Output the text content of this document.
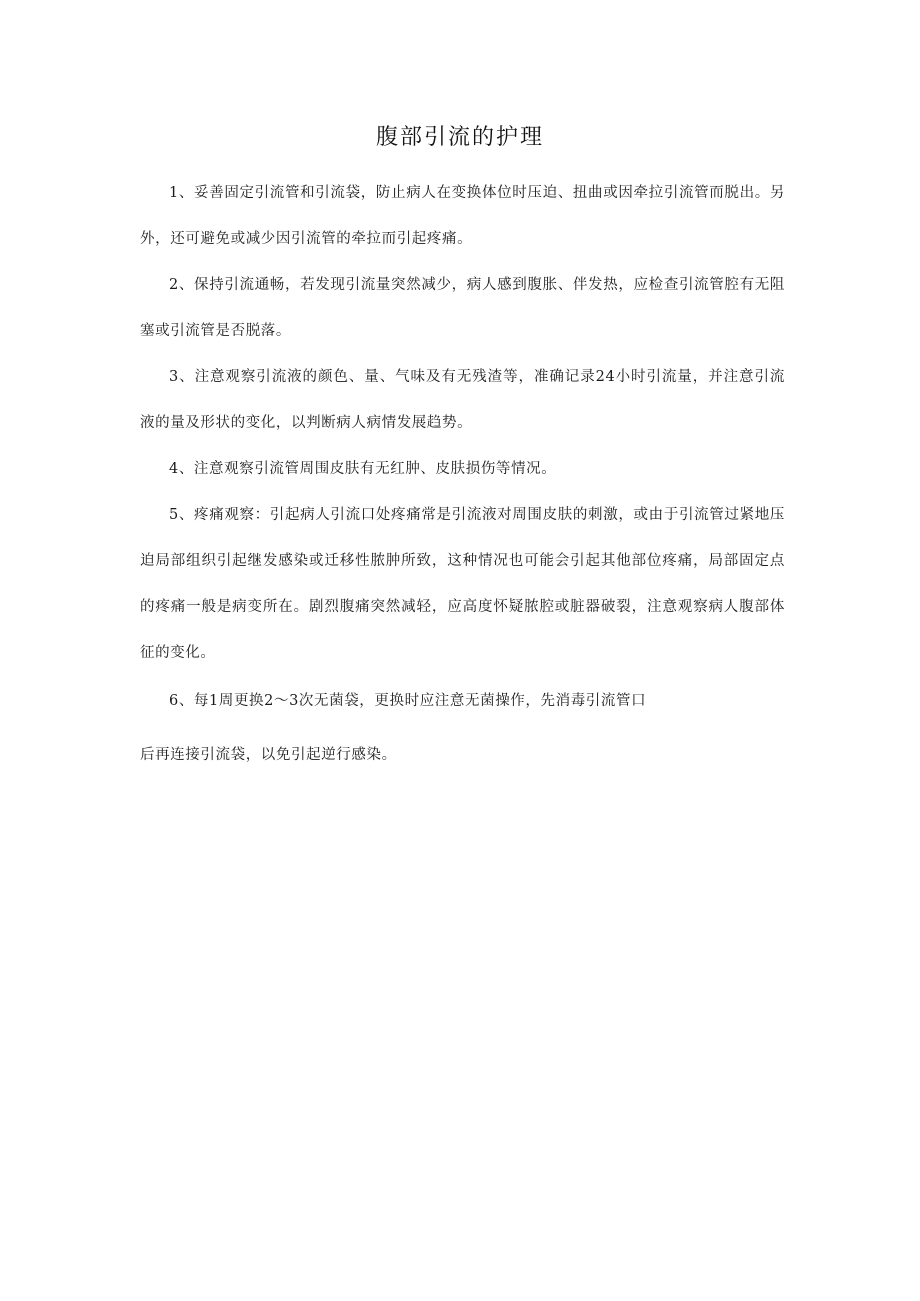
腹部引流的护理

1、妥善固定引流管和引流袋，防止病人在变换体位时压迫、扭曲或因牵拉引流管而脱出。另外，还可避免或减少因引流管的牵拉而引起疼痛。

2、保持引流通畅，若发现引流量突然减少，病人感到腹胀、伴发热，应检查引流管腔有无阻塞或引流管是否脱落。

3、注意观察引流液的颜色、量、气味及有无残渣等，准确记录24小时引流量，并注意引流液的量及形状的变化，以判断病人病情发展趋势。

4、注意观察引流管周围皮肤有无红肿、皮肤损伤等情况。

5、疼痛观察：引起病人引流口处疼痛常是引流液对周围皮肤的刺激，或由于引流管过紧地压迫局部组织引起继发感染或迁移性脓肿所致，这种情况也可能会引起其他部位疼痛，局部固定点的疼痛一般是病变所在。剧烈腹痛突然减轻，应高度怀疑脓腔或脏器破裂，注意观察病人腹部体征的变化。

6、每1周更换2～3次无菌袋，更换时应注意无菌操作，先消毒引流管口

后再连接引流袋，以免引起逆行感染。
